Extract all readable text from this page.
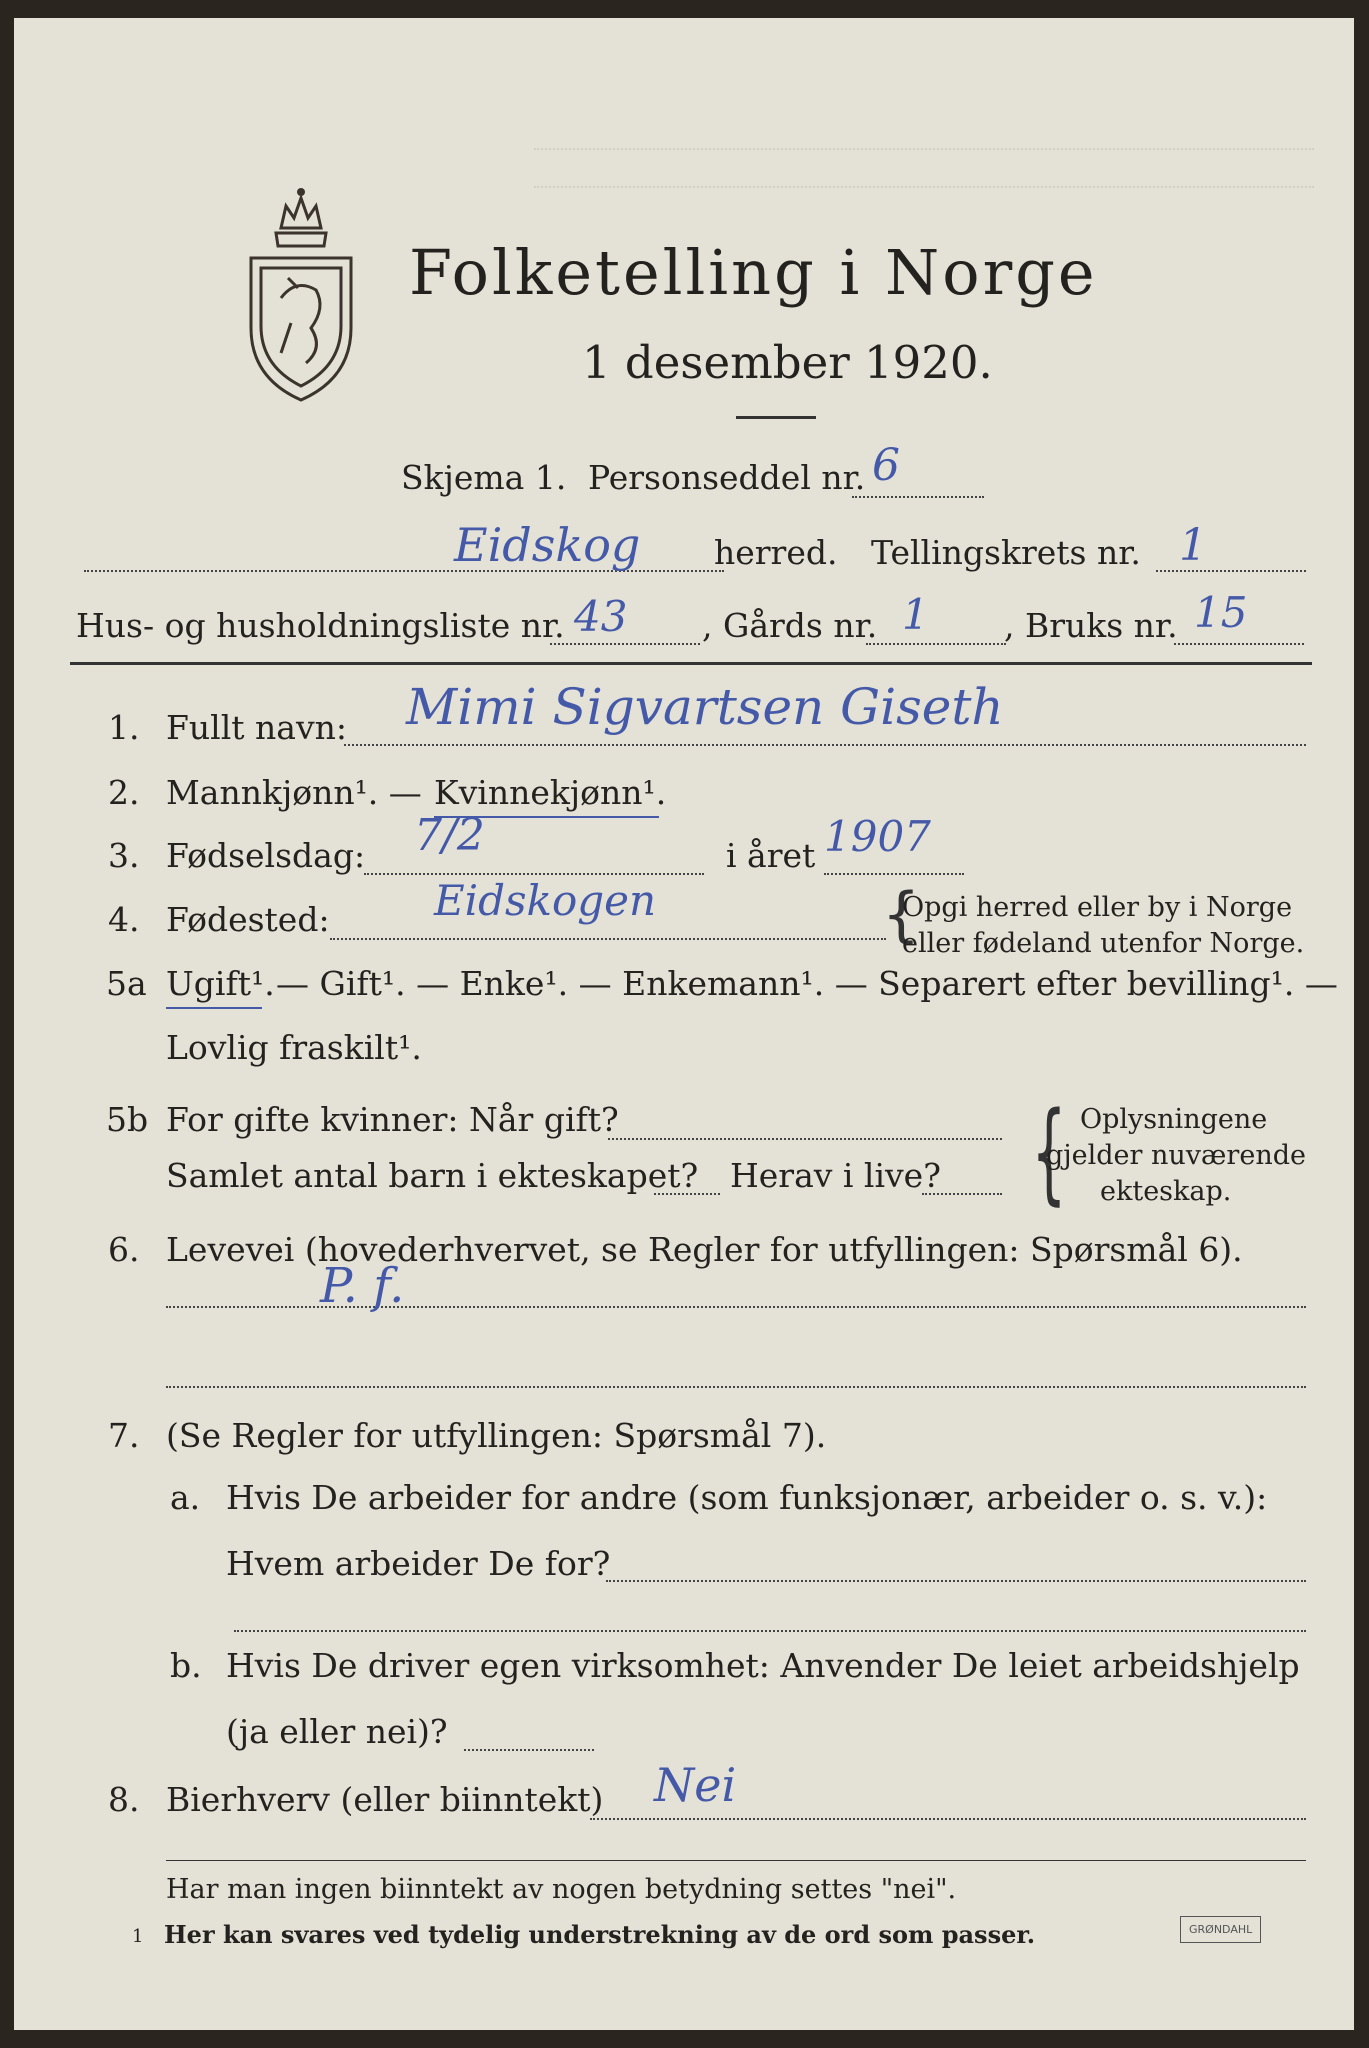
Folketelling i Norge
1 desember 1920.
Skjema 1. Personseddel nr. 6
Eidskog herred. Tellingskrets nr. 1
Hus- og husholdningsliste nr. 43 , Gårds nr. 1 , Bruks nr. 15
1. Fullt navn: Mimi Sigvartsen Giseth
2. Mannkjønn¹. — Kvinnekjønn¹.
3. Fødselsdag: 7/2	i året 1907
4. Fødested: Eidskogen	{
Opgi herred eller by i Norge
eller fødeland utenfor Norge.
5a Ugift¹. — Gift¹. — Enke¹. — Enkemann¹. — Separert efter bevilling¹. —
Lovlig fraskilt¹.
5b For gifte kvinner: Når gift?
Samlet antal barn i ekteskapet? Herav i live? { Oplysningene
gjelder nuværende
ekteskap.
6. Levevei (hovederhvervet, se Regler for utfyllingen: Spørsmål 6).
P. f.
7. (Se Regler for utfyllingen: Spørsmål 7).
a. Hvis De arbeider for andre (som funksjonær, arbeider o. s. v.):
Hvem arbeider De for?
b. Hvis De driver egen virksomhet: Anvender De leiet arbeidshjelp
(ja eller nei)?
8. Bierhverv (eller biinntekt) Nei
Har man ingen biinntekt av nogen betydning settes "nei".
1 Her kan svares ved tydelig understrekning av de ord som passer.	GRØNDAHL
